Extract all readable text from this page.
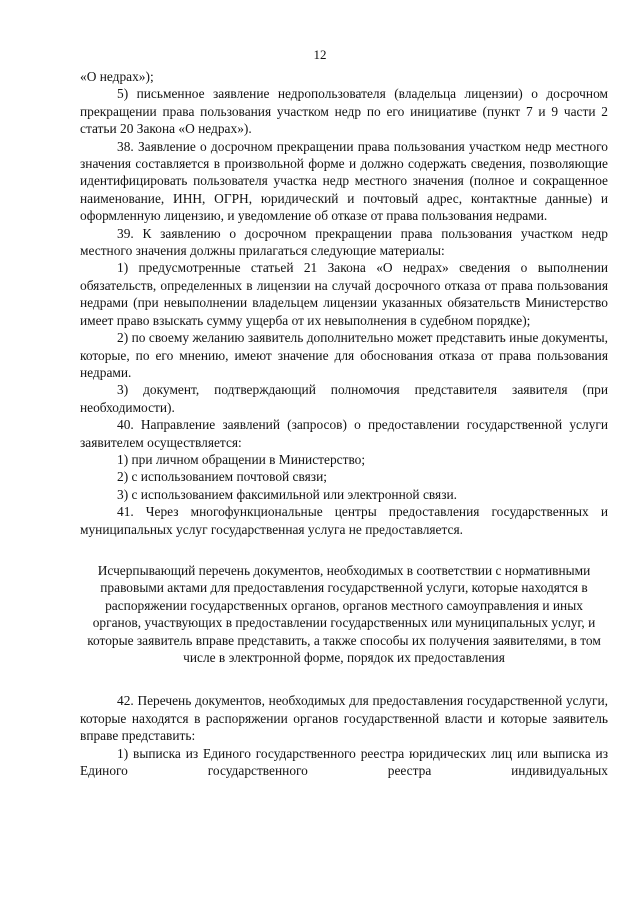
12

«О недрах»);

5) письменное заявление недропользователя (владельца лицензии) о досрочном прекращении права пользования участком недр по его инициативе (пункт 7 и 9 части 2 статьи 20 Закона «О недрах»).

38. Заявление о досрочном прекращении права пользования участком недр местного значения составляется в произвольной форме и должно содержать сведения, позволяющие идентифицировать пользователя участка недр местного значения (полное и сокращенное наименование, ИНН, ОГРН, юридический и почтовый адрес, контактные данные) и оформленную лицензию, и уведомление об отказе от права пользования недрами.

39. К заявлению о досрочном прекращении права пользования участком недр местного значения должны прилагаться следующие материалы:

1) предусмотренные статьей 21 Закона «О недрах» сведения о выполнении обязательств, определенных в лицензии на случай досрочного отказа от права пользования недрами (при невыполнении владельцем лицензии указанных обязательств Министерство имеет право взыскать сумму ущерба от их невыполнения в судебном порядке);

2) по своему желанию заявитель дополнительно может представить иные документы, которые, по его мнению, имеют значение для обоснования отказа от права пользования недрами.

3) документ, подтверждающий полномочия представителя заявителя (при необходимости).

40. Направление заявлений (запросов) о предоставлении государственной услуги заявителем осуществляется:

1) при личном обращении в Министерство;

2) с использованием почтовой связи;

3) с использованием факсимильной или электронной связи.

41. Через многофункциональные центры предоставления государственных и муниципальных услуг государственная услуга не предоставляется.

Исчерпывающий перечень документов, необходимых в соответствии с нормативными правовыми актами для предоставления государственной услуги, которые находятся в распоряжении государственных органов, органов местного самоуправления и иных органов, участвующих в предоставлении государственных или муниципальных услуг, и которые заявитель вправе представить, а также способы их получения заявителями, в том числе в электронной форме, порядок их предоставления

42. Перечень документов, необходимых для предоставления государственной услуги, которые находятся в распоряжении органов государственной власти и которые заявитель вправе представить:

1) выписка из Единого государственного реестра юридических лиц или выписка из Единого государственного реестра индивидуальных
